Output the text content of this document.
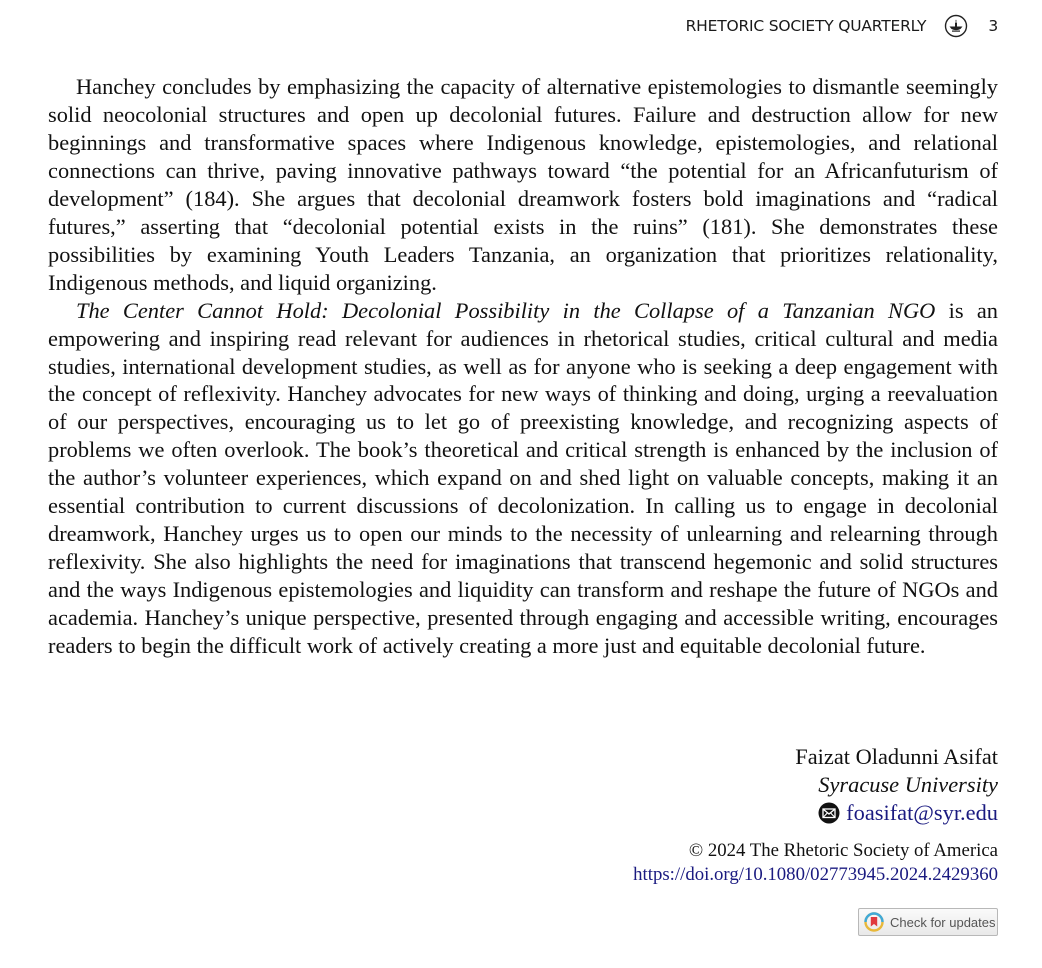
RHETORIC SOCIETY QUARTERLY	3

Hanchey concludes by emphasizing the capacity of alternative epistemologies to dismantle seemingly solid neocolonial structures and open up decolonial futures. Failure and destruction allow for new beginnings and transformative spaces where Indigenous knowledge, epistemologies, and relational connections can thrive, paving innovative pathways toward “the potential for an Africanfuturism of development” (184). She argues that decolonial dreamwork fosters bold imaginations and “radical futures,” asserting that “decolonial potential exists in the ruins” (181). She demonstrates these possibilities by examining Youth Leaders Tanzania, an organization that prioritizes relationality, Indigenous methods, and liquid organizing.

The Center Cannot Hold: Decolonial Possibility in the Collapse of a Tanzanian NGO is an empowering and inspiring read relevant for audiences in rhetorical studies, critical cultural and media studies, international development studies, as well as for anyone who is seeking a deep engagement with the concept of reflexivity. Hanchey advocates for new ways of thinking and doing, urging a reevaluation of our perspectives, encouraging us to let go of preexisting knowledge, and recognizing aspects of problems we often overlook. The book’s theoretical and critical strength is enhanced by the inclusion of the author’s volunteer experiences, which expand on and shed light on valuable concepts, making it an essential contribution to current discussions of decolonization. In calling us to engage in decolonial dreamwork, Hanchey urges us to open our minds to the necessity of unlearning and relearning through reflexivity. She also highlights the need for imaginations that transcend hegemonic and solid structures and the ways Indigenous epistemologies and liquidity can transform and reshape the future of NGOs and academia. Hanchey’s unique perspective, presented through engaging and accessible writing, encourages readers to begin the difficult work of actively creating a more just and equitable decolonial future.

Faizat Oladunni Asifat
Syracuse University
foasifat@syr.edu
© 2024 The Rhetoric Society of America
https://doi.org/10.1080/02773945.2024.2429360
Check for updates
